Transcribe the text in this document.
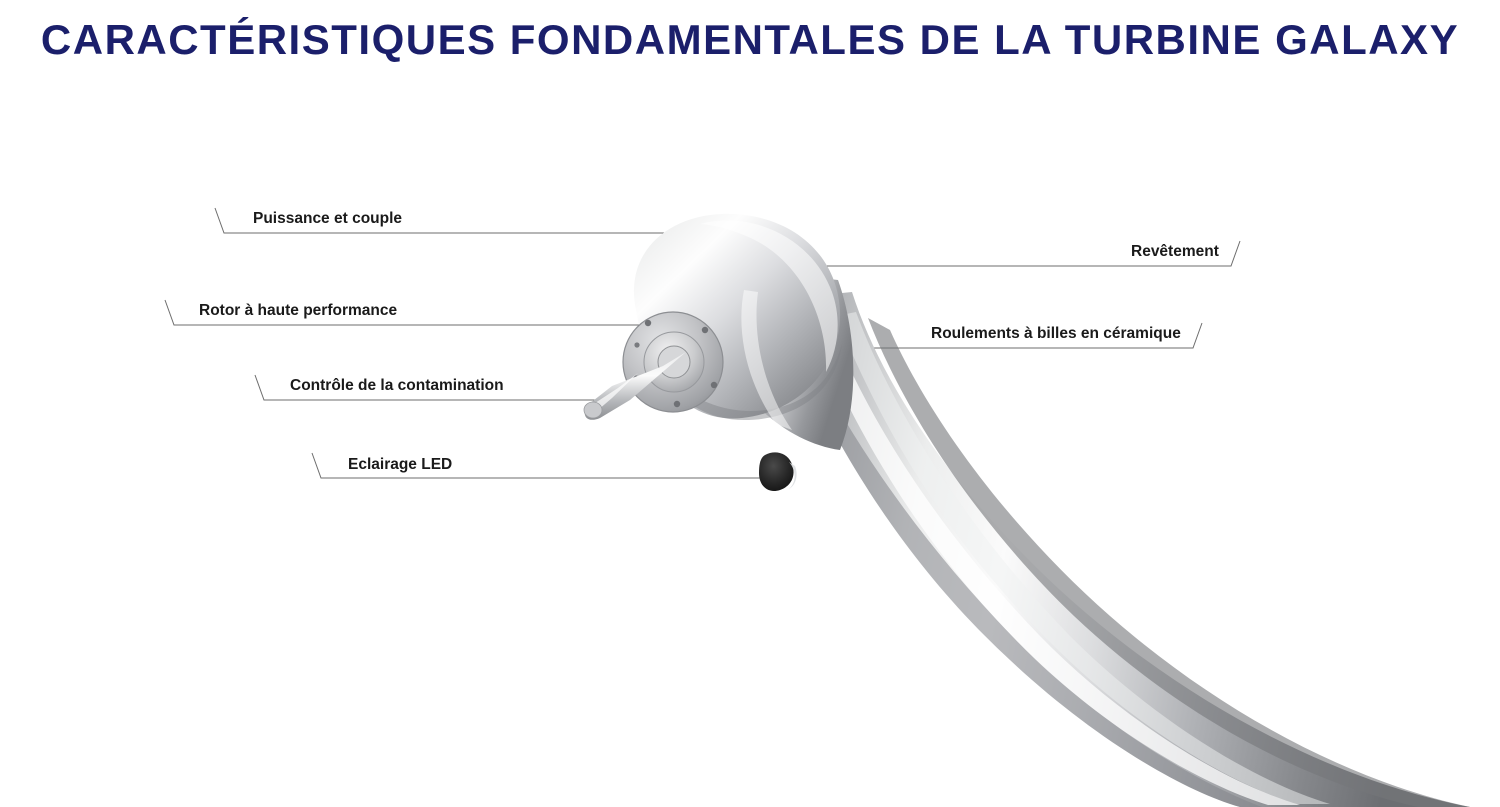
CARACTÉRISTIQUES FONDAMENTALES DE LA TURBINE GALAXY
Puissance et couple
Rotor à haute performance
Contrôle de la contamination
Eclairage LED
Revêtement
Roulements à billes en céramique
